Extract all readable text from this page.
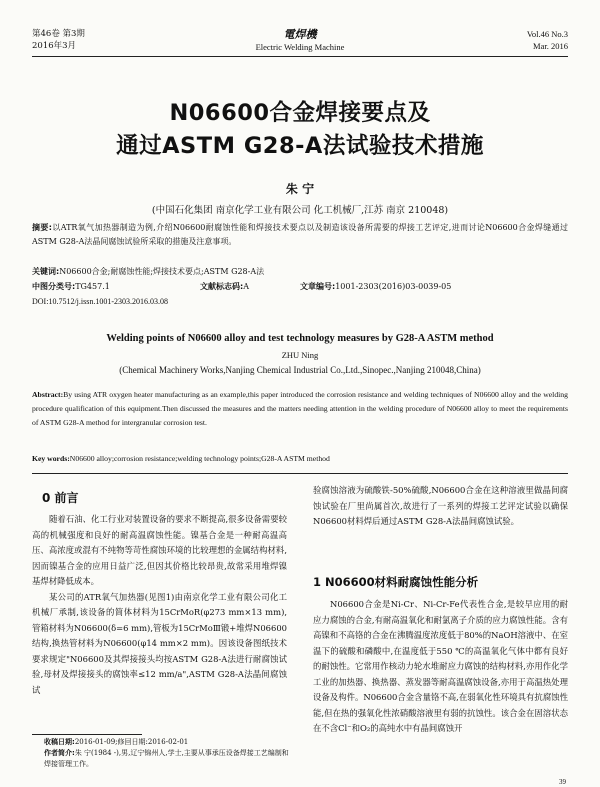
第46卷 第3期
2016年3月
電焊機
Electric Welding Machine
Vol.46 No.3
Mar. 2016
N06600合金焊接要点及
通过ASTM G28-A法试验技术措施
朱 宁
(中国石化集团 南京化学工业有限公司 化工机械厂,江苏 南京 210048)
摘要:以ATR氧气加热器制造为例,介绍N06600耐腐蚀性能和焊接技术要点以及制造该设备所需要的焊接工艺评定,进而讨论N06600合金焊缝通过ASTM G28-A法晶间腐蚀试验所采取的措施及注意事项。
关键词:N06600合金;耐腐蚀性能;焊接技术要点;ASTM G28-A法
中图分类号:TG457.1	文献标志码:A	文章编号:1001-2303(2016)03-0039-05
DOI:10.7512/j.issn.1001-2303.2016.03.08
Welding points of N06600 alloy and test technology measures by G28-A ASTM method
ZHU Ning
(Chemical Machinery Works,Nanjing Chemical Industrial Co.,Ltd.,Sinopec.,Nanjing 210048,China)
Abstract:By using ATR oxygen heater manufacturing as an example,this paper introduced the corrosion resistance and welding techniques of N06600 alloy and the welding procedure qualification of this equipment.Then discussed the measures and the matters needing attention in the welding procedure of N06600 alloy to meet the requirements of ASTM G28-A method for intergranular corrosion test.
Key words:N06600 alloy;corrosion resistance;welding technology points;G28-A ASTM method
0 前言

随着石油、化工行业对装置设备的要求不断提高,很多设备需要较高的机械强度和良好的耐高温腐蚀性能。镍基合金是一种耐高温高压、高浓度或混有不纯物等苛性腐蚀环境的比较理想的金属结构材料,因而镍基合金的应用日益广泛,但因其价格比较昂贵,故常采用堆焊镍基焊材降低成本。

某公司的ATR氧气加热器(见图1)由南京化学工业有限公司化工机械厂承制,该设备的简体材料为15CrMoR(φ273 mm×13 mm),管箱材料为N06600(δ=6 mm),管板为15CrMoⅢ锻+堆焊N06600结构,换热管材料为N06600(φ14 mm×2 mm)。因该设备图纸技术要求规定"N06600及其焊接接头均按ASTM G28-A法进行耐腐蚀试验,母材及焊接接头的腐蚀率≤12 mm/a",ASTM G28-A法晶间腐蚀试

收稿日期:2016-01-09;修回日期:2016-02-01
作者简介:朱 宁(1984 -),男,辽宁锦州人,学士,主要从事承压设备焊接工艺编制和焊接管理工作。

验腐蚀溶液为硫酸铁-50%硫酸,N06600合金在这种溶液里做晶间腐蚀试验在厂里尚属首次,故进行了一系列的焊接工艺评定试验以确保N06600材料焊后通过ASTM G28-A法晶间腐蚀试验。

1 N06600材料耐腐蚀性能分析

N06600合金是Ni-Cr、Ni-Cr-Fe代表性合金,是较早应用的耐应力腐蚀的合金,有耐高温氧化和耐氯离子介质的应力腐蚀性能。含有高镍和不高铬的合金在沸腾温度浓度低于80%的NaOH溶液中、在室温下的硫酸和磷酸中,在温度低于550 ℃的高温氧化气体中都有良好的耐蚀性。它常用作核动力轮水堆耐应力腐蚀的结构材料,亦用作化学工业的加热器、换热器、蒸发器等耐高温腐蚀设备,亦用于高温热处理设备及构件。N06600合金含量铬不高,在弱氧化性环境具有抗腐蚀性能,但在热的强氧化性浓硝酸溶液里有弱的抗蚀性。该合金在固溶状态在不含Cl⁻和O₂的高纯水中有晶间腐蚀开

39
